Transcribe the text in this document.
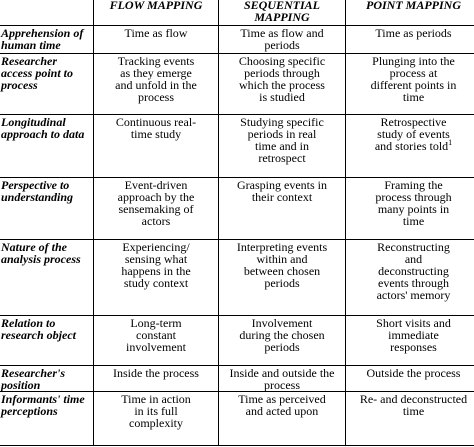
	FLOW MAPPING	SEQUENTIAL
MAPPING	POINT MAPPING
Apprehension of human time	Time as flow	Time as flow and
periods	Time as periods
Researcher access point to process	Tracking events
as they emerge
and unfold in the
process	Choosing specific
periods through
which the process
is studied	Plunging into the
process at
different points in
time
Longitudinal approach to data	Continuous real-
time study	Studying specific
periods in real
time and in
retrospect	Retrospective
study of events
and stories told$^1$
Perspective to understanding	Event-driven
approach by the
sensemaking of
actors	Grasping events in
their context	Framing the
process through
many points in
time
Nature of the analysis process	Experiencing/
sensing what
happens in the
study context	Interpreting events
within and
between chosen
periods	Reconstructing
and
deconstructing
events through
actors' memory
Relation to research object	Long-term
constant
involvement	Involvement
during the chosen
periods	Short visits and
immediate
responses
Researcher's position	Inside the process	Inside and outside the
process	Outside the process
Informants' time perceptions	Time in action
in its full
complexity	Time as perceived
and acted upon	Re- and deconstructed
time
